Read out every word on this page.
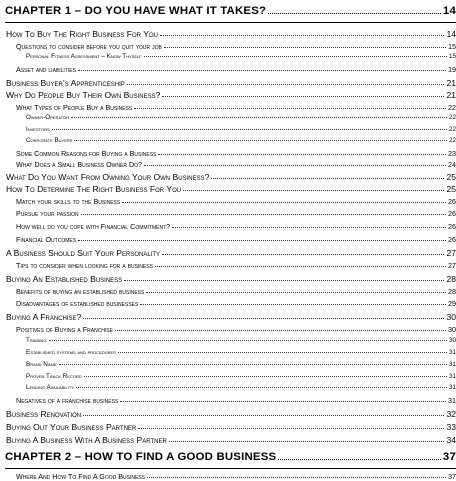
CHAPTER 1 – DO YOU HAVE WHAT IT TAKES?	14
How To Buy The Right Business For You	14
Questions to consider before you quit your job	15
Personal Fitness Assessment – Know Thyself	15
Asset and liabilities	19
Business Buyer’s Apprenticeship	21
Why Do People Buy Their Own Business?	21
What Types of People Buy a Business	22
Owner-Operator	22
Investors	22
Corporate Buyers	22
Some Common Reasons for Buying a Business	23
What Does a Small Business Owner Do?	24
What Do You Want From Owning Your Own Business?	25
How To Determine The Right Business For You	25
Match your skills to the Business	26
Pursue your passion	26
How well do you cope with Financial Commitment?	26
Financial Outcomes	26
A Business Should Suit Your Personality	27
Tips to consider when looking for a business	27
Buying An Established Business	28
Benefits of buying an established business	28
Disadvantages of established businesses	29
Buying A Franchise?	30
Positives of Buying a Franchise	30
Training	30
Established systems and procedures	31
Brand Name	31
Proven Track Record	31
Lending Availability	31
Negatives of a franchise business	31
Business Renovation	32
Buying Out Your Business Partner	33
Buying A Business With A Business Partner	34
CHAPTER 2 – HOW TO FIND A GOOD BUSINESS	37
Where And How To Find A Good Business	37
